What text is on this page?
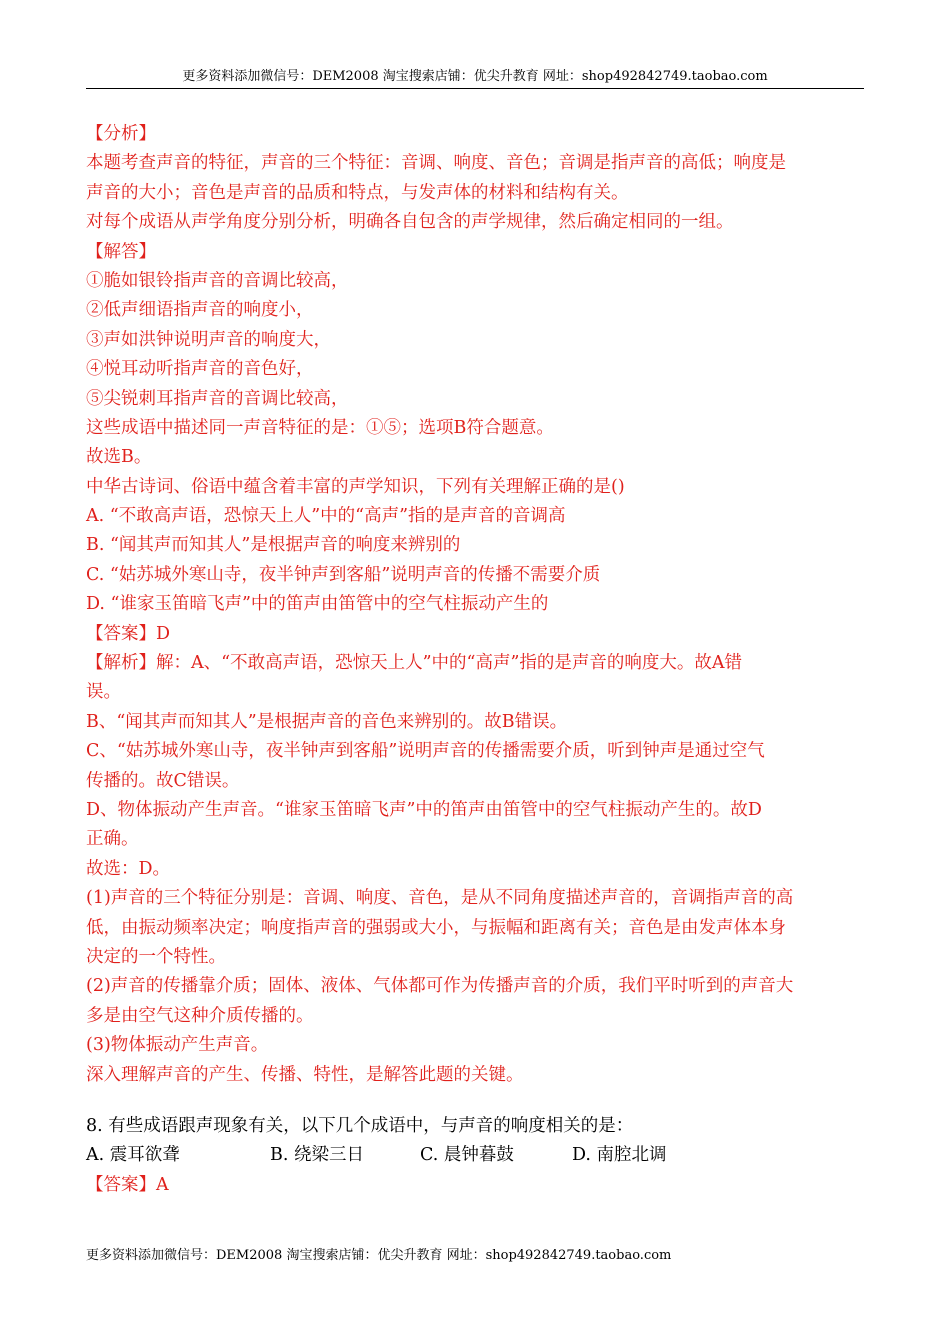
更多资料添加微信号：DEM2008 淘宝搜索店铺：优尖升教育 网址：shop492842749.taobao.com
【分析】
本题考查声音的特征，声音的三个特征：音调、响度、音色；音调是指声音的高低；响度是
声音的大小；音色是声音的品质和特点，与发声体的材料和结构有关。
对每个成语从声学角度分别分析，明确各自包含的声学规律，然后确定相同的一组。
【解答】
①脆如银铃指声音的音调比较高，
②低声细语指声音的响度小，
③声如洪钟说明声音的响度大，
④悦耳动听指声音的音色好，
⑤尖锐刺耳指声音的音调比较高，
这些成语中描述同一声音特征的是：①⑤；选项B符合题意。
故选B。
中华古诗词、俗语中蕴含着丰富的声学知识，下列有关理解正确的是()
A. “不敢高声语，恐惊天上人”中的“高声”指的是声音的音调高
B. “闻其声而知其人”是根据声音的响度来辨别的
C. “姑苏城外寒山寺，夜半钟声到客船”说明声音的传播不需要介质
D. “谁家玉笛暗飞声”中的笛声由笛管中的空气柱振动产生的
【答案】D
【解析】解：A、“不敢高声语，恐惊天上人”中的“高声”指的是声音的响度大。故A错
误。
B、“闻其声而知其人”是根据声音的音色来辨别的。故B错误。
C、“姑苏城外寒山寺，夜半钟声到客船”说明声音的传播需要介质，听到钟声是通过空气
传播的。故C错误。
D、物体振动产生声音。“谁家玉笛暗飞声”中的笛声由笛管中的空气柱振动产生的。故D
正确。
故选：D。
(1)声音的三个特征分别是：音调、响度、音色，是从不同角度描述声音的，音调指声音的高
低，由振动频率决定；响度指声音的强弱或大小，与振幅和距离有关；音色是由发声体本身
决定的一个特性。
(2)声音的传播靠介质；固体、液体、气体都可作为传播声音的介质，我们平时听到的声音大
多是由空气这种介质传播的。
(3)物体振动产生声音。
深入理解声音的产生、传播、特性，是解答此题的关键。
8. 有些成语跟声现象有关，以下几个成语中，与声音的响度相关的是：
A. 震耳欲聋	B. 绕梁三日	C. 晨钟暮鼓	D. 南腔北调
【答案】A
更多资料添加微信号：DEM2008 淘宝搜索店铺：优尖升教育 网址：shop492842749.taobao.com
